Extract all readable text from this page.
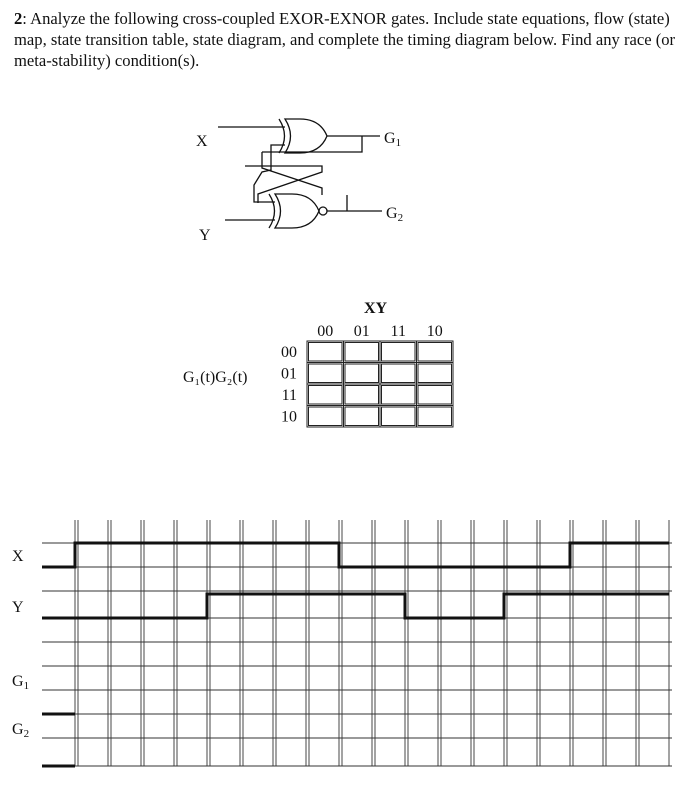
2: Analyze the following cross-coupled EXOR-EXNOR gates. Include state equations, flow (state) map, state transition table, state diagram, and complete the timing diagram below. Find any race (or meta-stability) condition(s).
X
Y
G1
G2
XY
00 01 11 10
00
01
11
10
G₁(t)G₂(t)
X
Y
G1
G2
